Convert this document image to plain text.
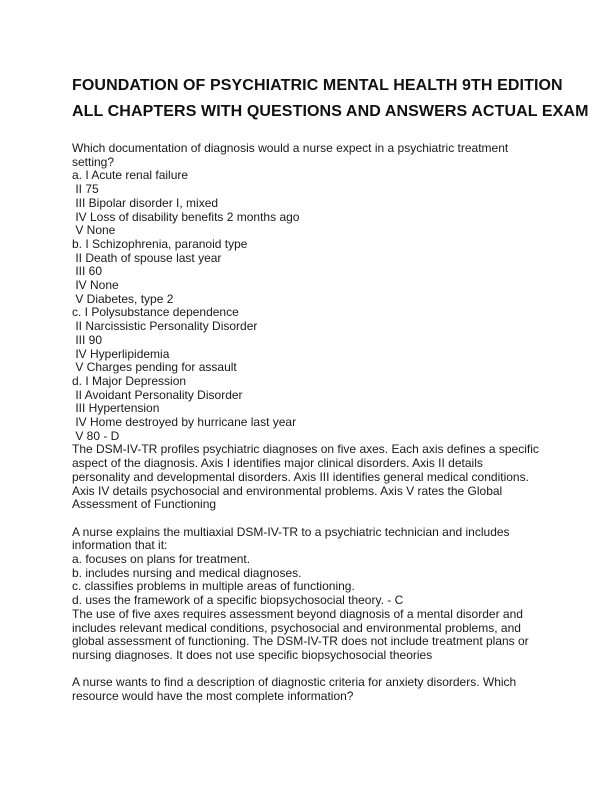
FOUNDATION OF PSYCHIATRIC MENTAL HEALTH 9TH EDITION
ALL CHAPTERS WITH QUESTIONS AND ANSWERS ACTUAL EXAM
Which documentation of diagnosis would a nurse expect in a psychiatric treatment
setting?
a. I Acute renal failure
II 75
III Bipolar disorder I, mixed
IV Loss of disability benefits 2 months ago
V None
b. I Schizophrenia, paranoid type
II Death of spouse last year
III 60
IV None
V Diabetes, type 2
c. I Polysubstance dependence
II Narcissistic Personality Disorder
III 90
IV Hyperlipidemia
V Charges pending for assault
d. I Major Depression
II Avoidant Personality Disorder
III Hypertension
IV Home destroyed by hurricane last year
V 80 - D
The DSM-IV-TR profiles psychiatric diagnoses on five axes. Each axis defines a specific
aspect of the diagnosis. Axis I identifies major clinical disorders. Axis II details
personality and developmental disorders. Axis III identifies general medical conditions.
Axis IV details psychosocial and environmental problems. Axis V rates the Global
Assessment of Functioning
A nurse explains the multiaxial DSM-IV-TR to a psychiatric technician and includes
information that it:
a. focuses on plans for treatment.
b. includes nursing and medical diagnoses.
c. classifies problems in multiple areas of functioning.
d. uses the framework of a specific biopsychosocial theory. - C
The use of five axes requires assessment beyond diagnosis of a mental disorder and
includes relevant medical conditions, psychosocial and environmental problems, and
global assessment of functioning. The DSM-IV-TR does not include treatment plans or
nursing diagnoses. It does not use specific biopsychosocial theories
A nurse wants to find a description of diagnostic criteria for anxiety disorders. Which
resource would have the most complete information?
